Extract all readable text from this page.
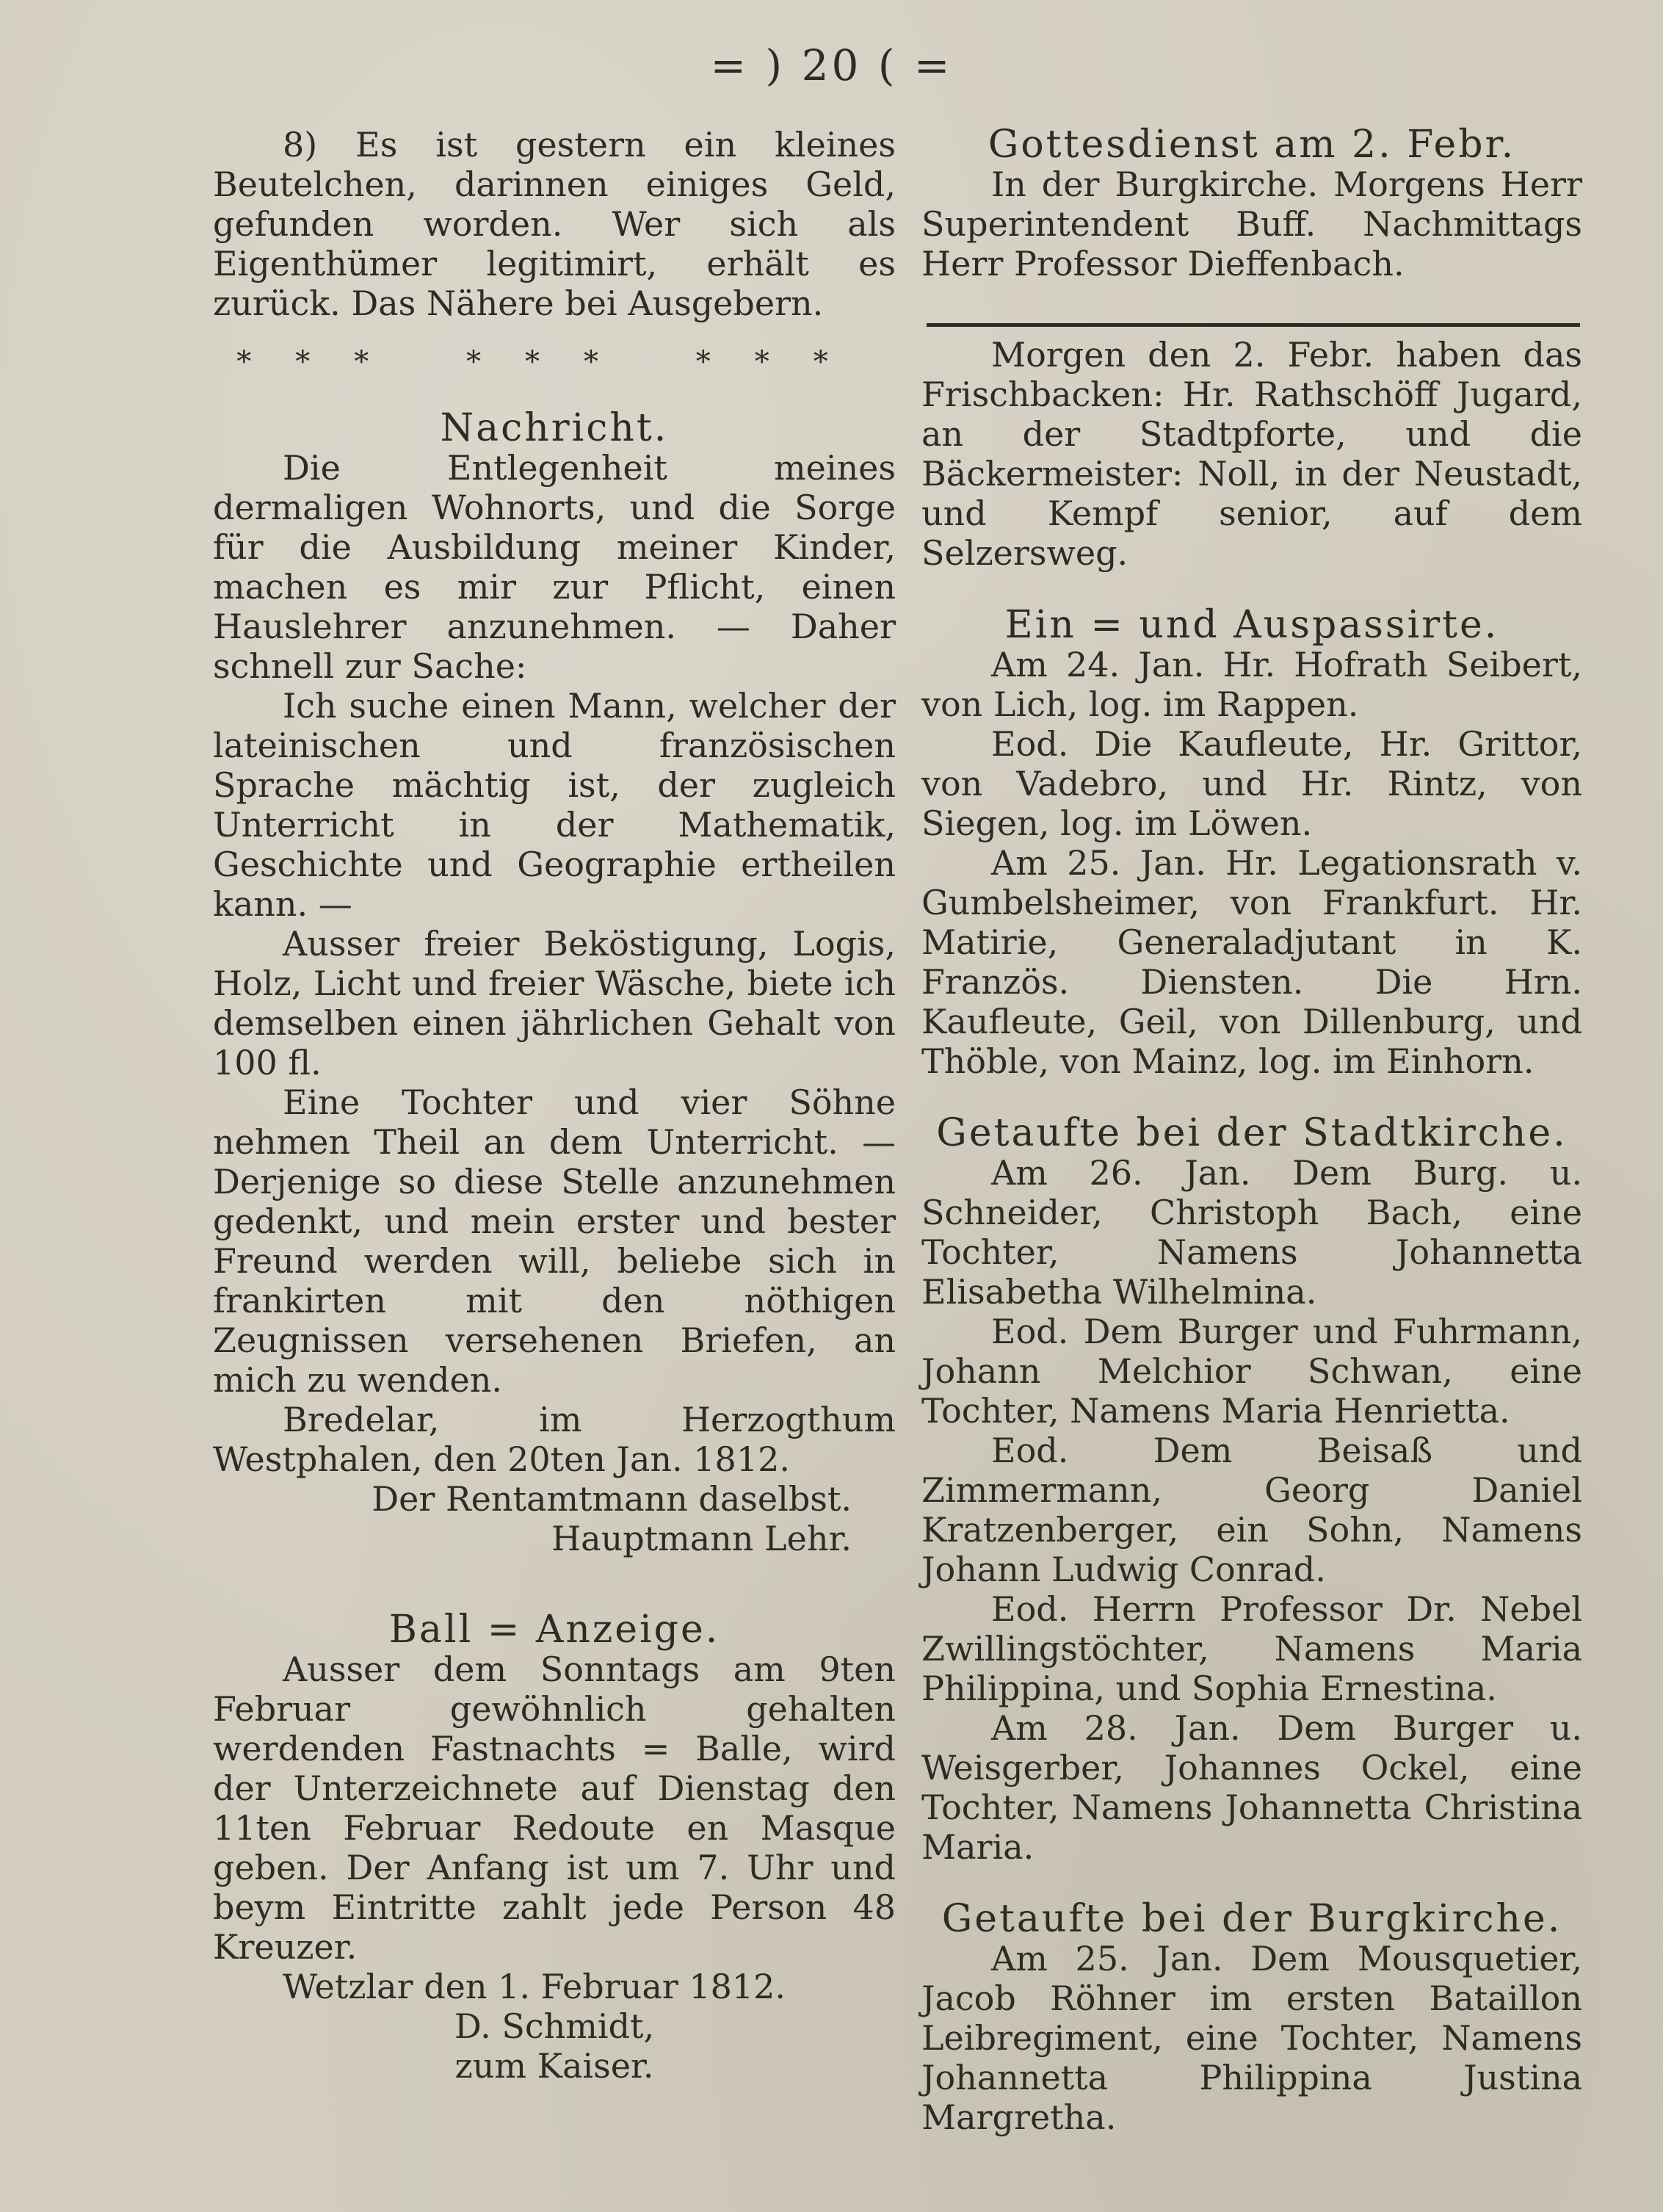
= ) 20 ( =

8) Es ist gestern ein kleines Beutelchen, darinnen einiges Geld, gefunden worden. Wer sich als Eigenthümer legitimirt, erhält es zurück. Das Nähere bei Ausgebern.

*** *** ***

Nachricht.

Die Entlegenheit meines dermaligen Wohnorts, und die Sorge für die Ausbildung meiner Kinder, machen es mir zur Pflicht, einen Hauslehrer anzunehmen. — Daher schnell zur Sache:

Ich suche einen Mann, welcher der lateinischen und französischen Sprache mächtig ist, der zugleich Unterricht in der Mathematik, Geschichte und Geographie ertheilen kann. —

Ausser freier Beköstigung, Logis, Holz, Licht und freier Wäsche, biete ich demselben einen jährlichen Gehalt von 100 fl.

Eine Tochter und vier Söhne nehmen Theil an dem Unterricht. — Derjenige so diese Stelle anzunehmen gedenkt, und mein erster und bester Freund werden will, beliebe sich in frankirten mit den nöthigen Zeugnissen versehenen Briefen, an mich zu wenden.

Bredelar, im Herzogthum Westphalen, den 20ten Jan. 1812.

Der Rentamtmann daselbst.

Hauptmann Lehr.

Ball = Anzeige.

Ausser dem Sonntags am 9ten Februar gewöhnlich gehalten werdenden Fastnachts = Balle, wird der Unterzeichnete auf Dienstag den 11ten Februar Redoute en Masque geben. Der Anfang ist um 7. Uhr und beym Eintritte zahlt jede Person 48 Kreuzer.

Wetzlar den 1. Februar 1812.

D. Schmidt,

zum Kaiser.

Gottesdienst am 2. Febr.

In der Burgkirche. Morgens Herr Superintendent Buff. Nachmittags Herr Professor Dieffenbach.

Morgen den 2. Febr. haben das Frischbacken: Hr. Rathschöff Jugard, an der Stadtpforte, und die Bäckermeister: Noll, in der Neustadt, und Kempf senior, auf dem Selzersweg.

Ein = und Auspassirte.

Am 24. Jan. Hr. Hofrath Seibert, von Lich, log. im Rappen.

Eod. Die Kaufleute, Hr. Grittor, von Vadebro, und Hr. Rintz, von Siegen, log. im Löwen.

Am 25. Jan. Hr. Legationsrath v. Gumbelsheimer, von Frankfurt. Hr. Matirie, Generaladjutant in K. Französ. Diensten. Die Hrn. Kaufleute, Geil, von Dillenburg, und Thöble, von Mainz, log. im Einhorn.

Getaufte bei der Stadtkirche.

Am 26. Jan. Dem Burg. u. Schneider, Christoph Bach, eine Tochter, Namens Johannetta Elisabetha Wilhelmina.

Eod. Dem Burger und Fuhrmann, Johann Melchior Schwan, eine Tochter, Namens Maria Henrietta.

Eod. Dem Beisaß und Zimmermann, Georg Daniel Kratzenberger, ein Sohn, Namens Johann Ludwig Conrad.

Eod. Herrn Professor Dr. Nebel Zwillingstöchter, Namens Maria Philippina, und Sophia Ernestina.

Am 28. Jan. Dem Burger u. Weisgerber, Johannes Ockel, eine Tochter, Namens Johannetta Christina Maria.

Getaufte bei der Burgkirche.

Am 25. Jan. Dem Mousquetier, Jacob Röhner im ersten Bataillon Leibregiment, eine Tochter, Namens Johannetta Philippina Justina Margretha.
